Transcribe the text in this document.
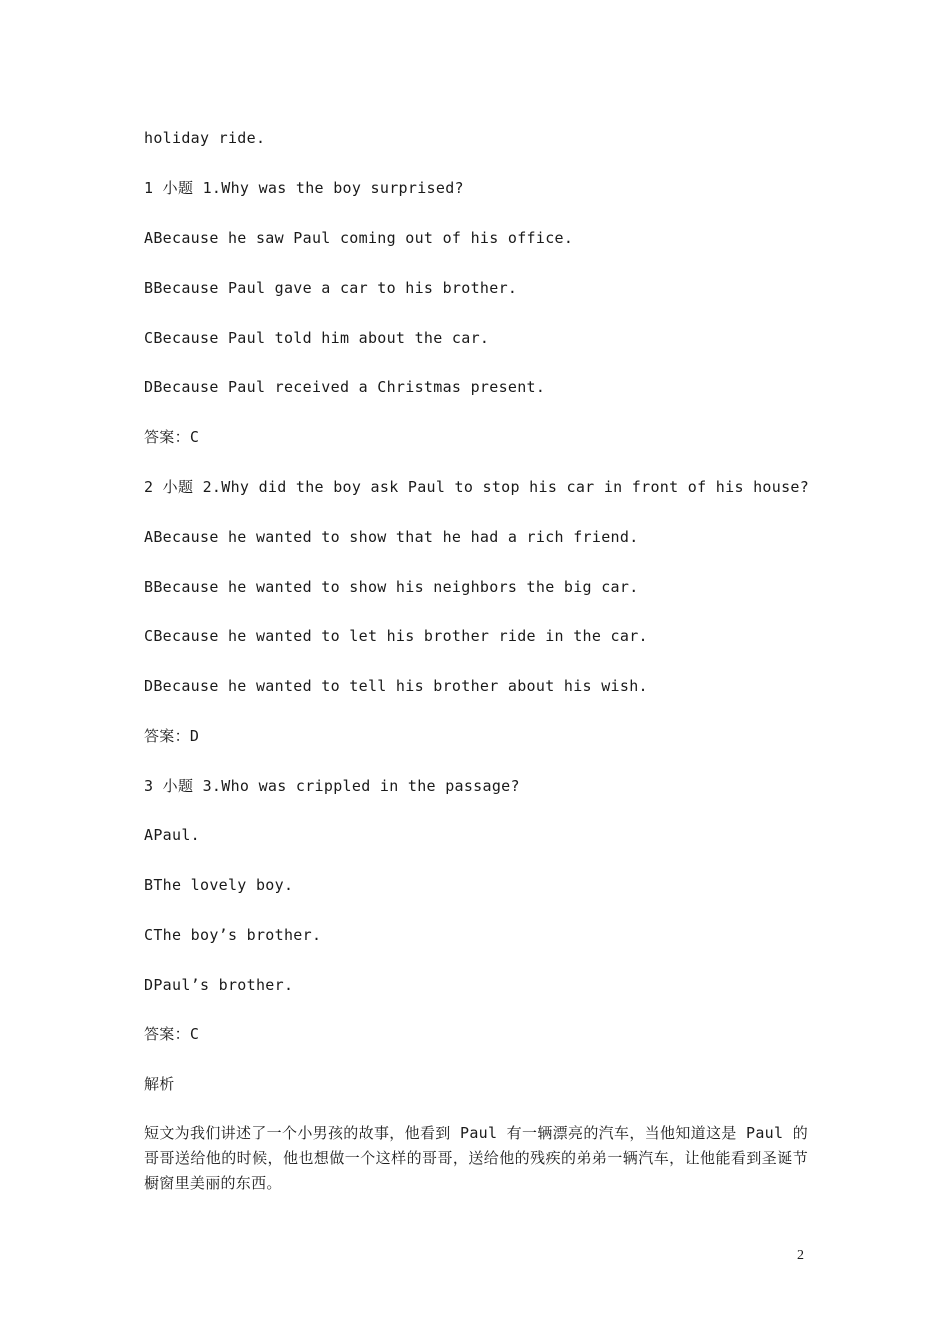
holiday ride.
1 小题 1.Why was the boy surprised?
ABecause he saw Paul coming out of his office.
BBecause Paul gave a car to his brother.
CBecause Paul told him about the car.
DBecause Paul received a Christmas present.
答案：C
2 小题 2.Why did the boy ask Paul to stop his car in front of his house?
ABecause he wanted to show that he had a rich friend.
BBecause he wanted to show his neighbors the big car.
CBecause he wanted to let his brother ride in the car.
DBecause he wanted to tell his brother about his wish.
答案：D
3 小题 3.Who was crippled in the passage?
APaul.
BThe lovely boy.
CThe boy’s brother.
DPaul’s brother.
答案：C
解析
短文为我们讲述了一个小男孩的故事，他看到 Paul 有一辆漂亮的汽车，当他知道这是 Paul 的哥哥送给他的时候，他也想做一个这样的哥哥，送给他的残疾的弟弟一辆汽车，让他能看到圣诞节橱窗里美丽的东西。
2
